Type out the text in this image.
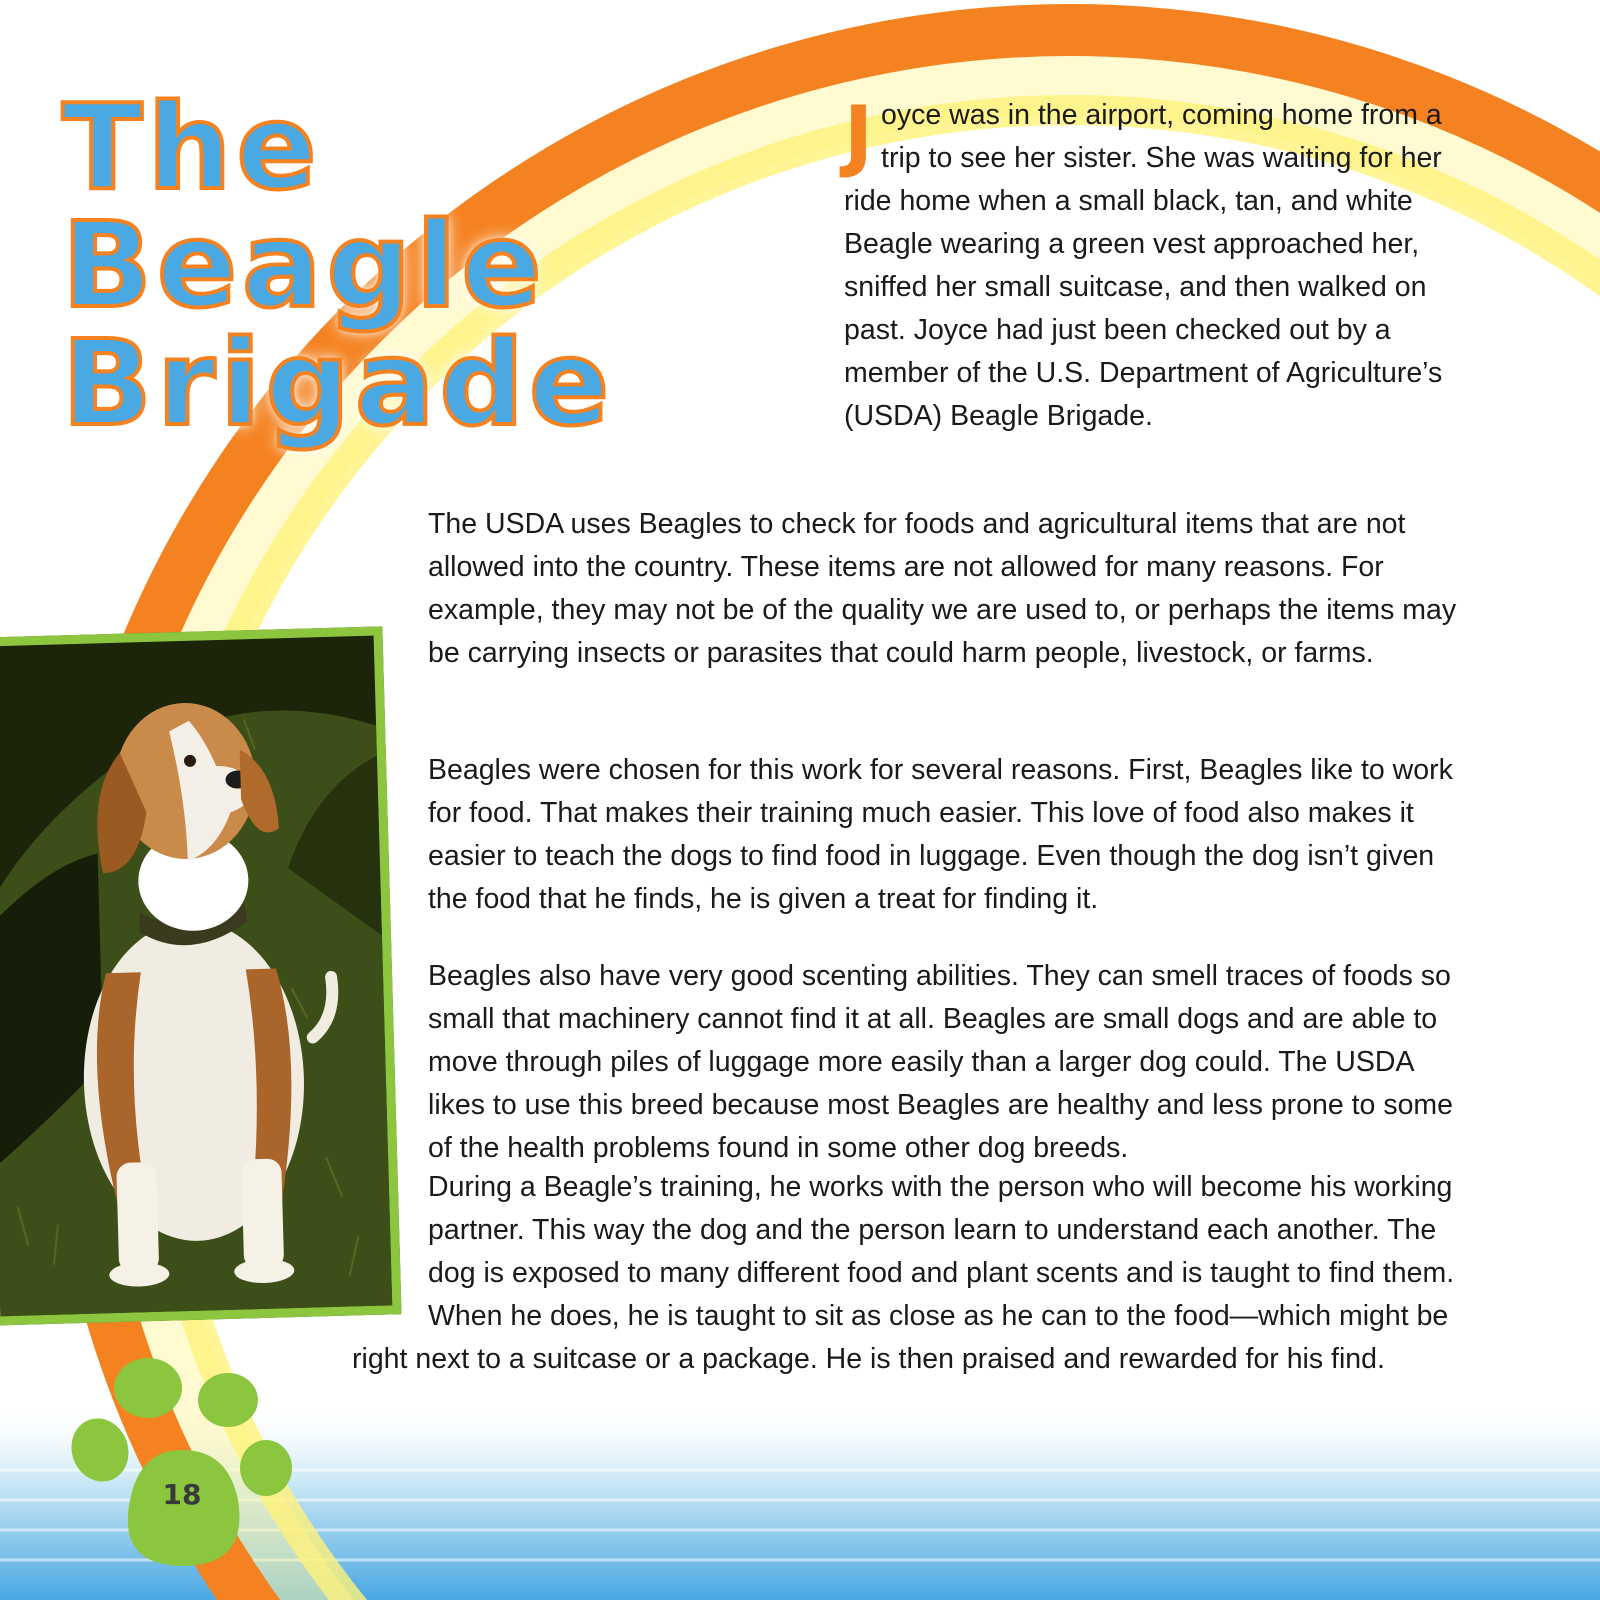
The Beagle
Brigade
J oyce was in the airport, coming home from a trip to see her sister. She was waiting for her ride home when a small black, tan, and white Beagle wearing a green vest approached her, sniffed her small suitcase, and then walked on past. Joyce had just been checked out by a member of the U.S. Department of Agriculture’s (USDA) Beagle Brigade.

The USDA uses Beagles to check for foods and agricultural items that are not allowed into the country. These items are not allowed for many reasons. For example, they may not be of the quality we are used to, or perhaps the items may be carrying insects or parasites that could harm people, livestock, or farms.

Beagles were chosen for this work for several reasons. First, Beagles like to work for food. That makes their training much easier. This love of food also makes it easier to teach the dogs to find food in luggage. Even though the dog isn’t given the food that he finds, he is given a treat for finding it.

Beagles also have very good scenting abilities. They can smell traces of foods so small that machinery cannot find it at all. Beagles are small dogs and are able to move through piles of luggage more easily than a larger dog could. The USDA likes to use this breed because most Beagles are healthy and less prone to some of the health problems found in some other dog breeds.

During a Beagle’s training, he works with the person who will become his working partner. This way the dog and the person learn to understand each another. The dog is exposed to many different food and plant scents and is taught to find them. When he does, he is taught to sit as close as he can to the food—which might be right next to a suitcase or a package. He is then praised and rewarded for his find.
18
